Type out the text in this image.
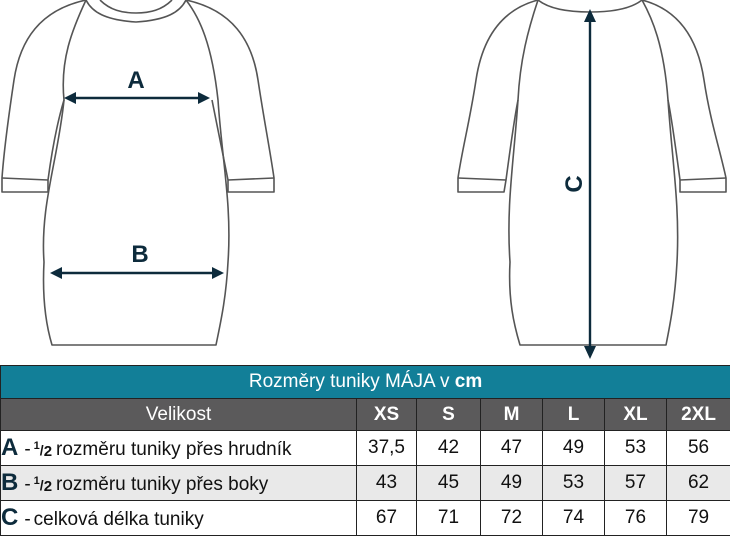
A
B
C
Rozměry tuniky MÁJA v cm						
Velikost	XS	S	M	L	XL	2XL
A - $^1/_2$ rozměru tuniky přes hrudník	37,5	42	47	49	53	56
B - $^1/_2$ rozměru tuniky přes boky	43	45	49	53	57	62
C - celková délka tuniky	67	71	72	74	76	79
